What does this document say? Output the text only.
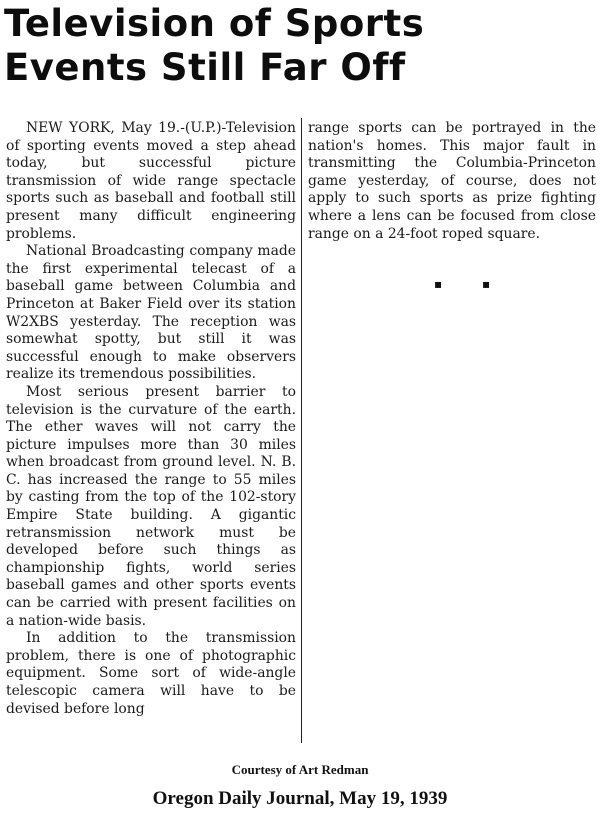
Television of Sports
Events Still Far Off

NEW YORK, May 19.-(U.P.)-Television of sporting events moved a step ahead today, but successful picture transmission of wide range spectacle sports such as baseball and football still present many difficult engineering problems.

National Broadcasting company made the first experimental telecast of a baseball game between Columbia and Princeton at Baker Field over its station W2XBS yesterday. The reception was somewhat spotty, but still it was successful enough to make observers realize its tremendous possibilities.

Most serious present barrier to television is the curvature of the earth. The ether waves will not carry the picture impulses more than 30 miles when broadcast from ground level. N. B. C. has increased the range to 55 miles by casting from the top of the 102-story Empire State building. A gigantic retransmission network must be developed before such things as championship fights, world series baseball games and other sports events can be carried with present facilities on a nation-wide basis.

In addition to the transmission problem, there is one of photographic equipment. Some sort of wide-angle telescopic camera will have to be devised before long

range sports can be portrayed in the nation's homes. This major fault in transmitting the Columbia-Princeton game yesterday, of course, does not apply to such sports as prize fighting where a lens can be focused from close range on a 24-foot roped square.

▪ ▪
Courtesy of Art Redman
Oregon Daily Journal, May 19, 1939
